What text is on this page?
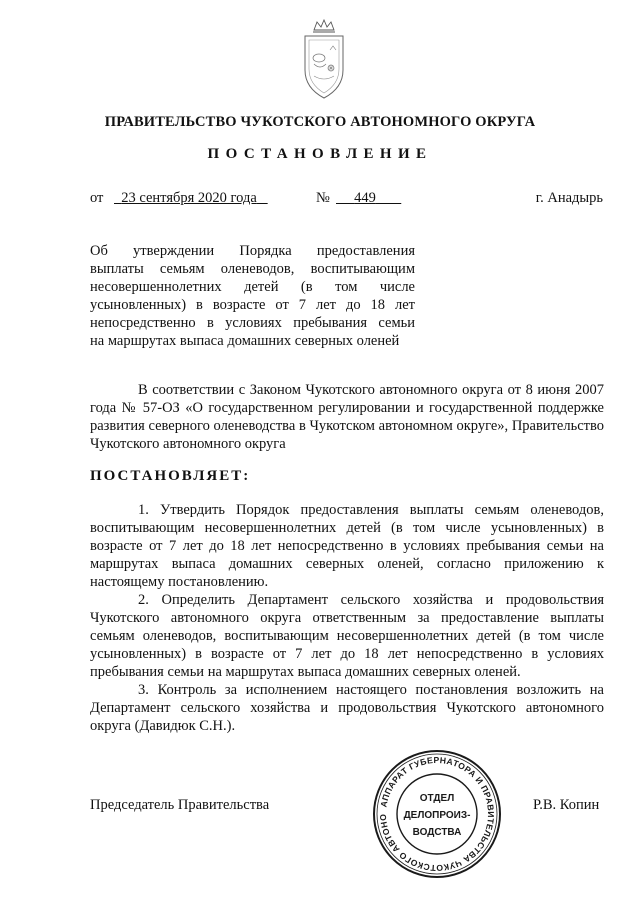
ПРАВИТЕЛЬСТВО ЧУКОТСКОГО АВТОНОМНОГО ОКРУГА
ПОСТАНОВЛЕНИЕ
от	23 сентября 2020 года	№	449	г. Анадырь

Об утверждении Порядка предоставления

выплаты семьям оленеводов, воспитывающим

несовершеннолетних детей (в том числе

усыновленных) в возрасте от 7 лет до 18 лет

непосредственно в условиях пребывания семьи

на маршрутах выпаса домашних северных оленей

В соответствии с Законом Чукотского автономного округа от 8 июня 2007 года № 57-ОЗ «О государственном регулировании и государственной поддержке развития северного оленеводства в Чукотском автономном округе», Правительство Чукотского автономного округа

ПОСТАНОВЛЯЕТ:

1. Утвердить Порядок предоставления выплаты семьям оленеводов, воспитывающим несовершеннолетних детей (в том числе усыновленных) в возрасте от 7 лет до 18 лет непосредственно в условиях пребывания семьи на маршрутах выпаса домашних северных оленей, согласно приложению к настоящему постановлению.

2. Определить Департамент сельского хозяйства и продовольствия Чукотского автономного округа ответственным за предоставление выплаты семьям оленеводов, воспитывающим несовершеннолетних детей (в том числе усыновленных) в возрасте от 7 лет до 18 лет непосредственно в условиях пребывания семьи на маршрутах выпаса домашних северных оленей.

3. Контроль за исполнением настоящего постановления возложить на Департамент сельского хозяйства и продовольствия Чукотского автономного округа (Давидюк С.Н.).

Председатель Правительства	АППАРАТ ГУБЕРНАТОРА И ПРАВИТЕЛЬСТВА ЧУКОТСКОГО АВТОНО
ОТДЕЛ
ДЕЛОПРОИЗ-
ВОДСТВА
Р.В. Копин
